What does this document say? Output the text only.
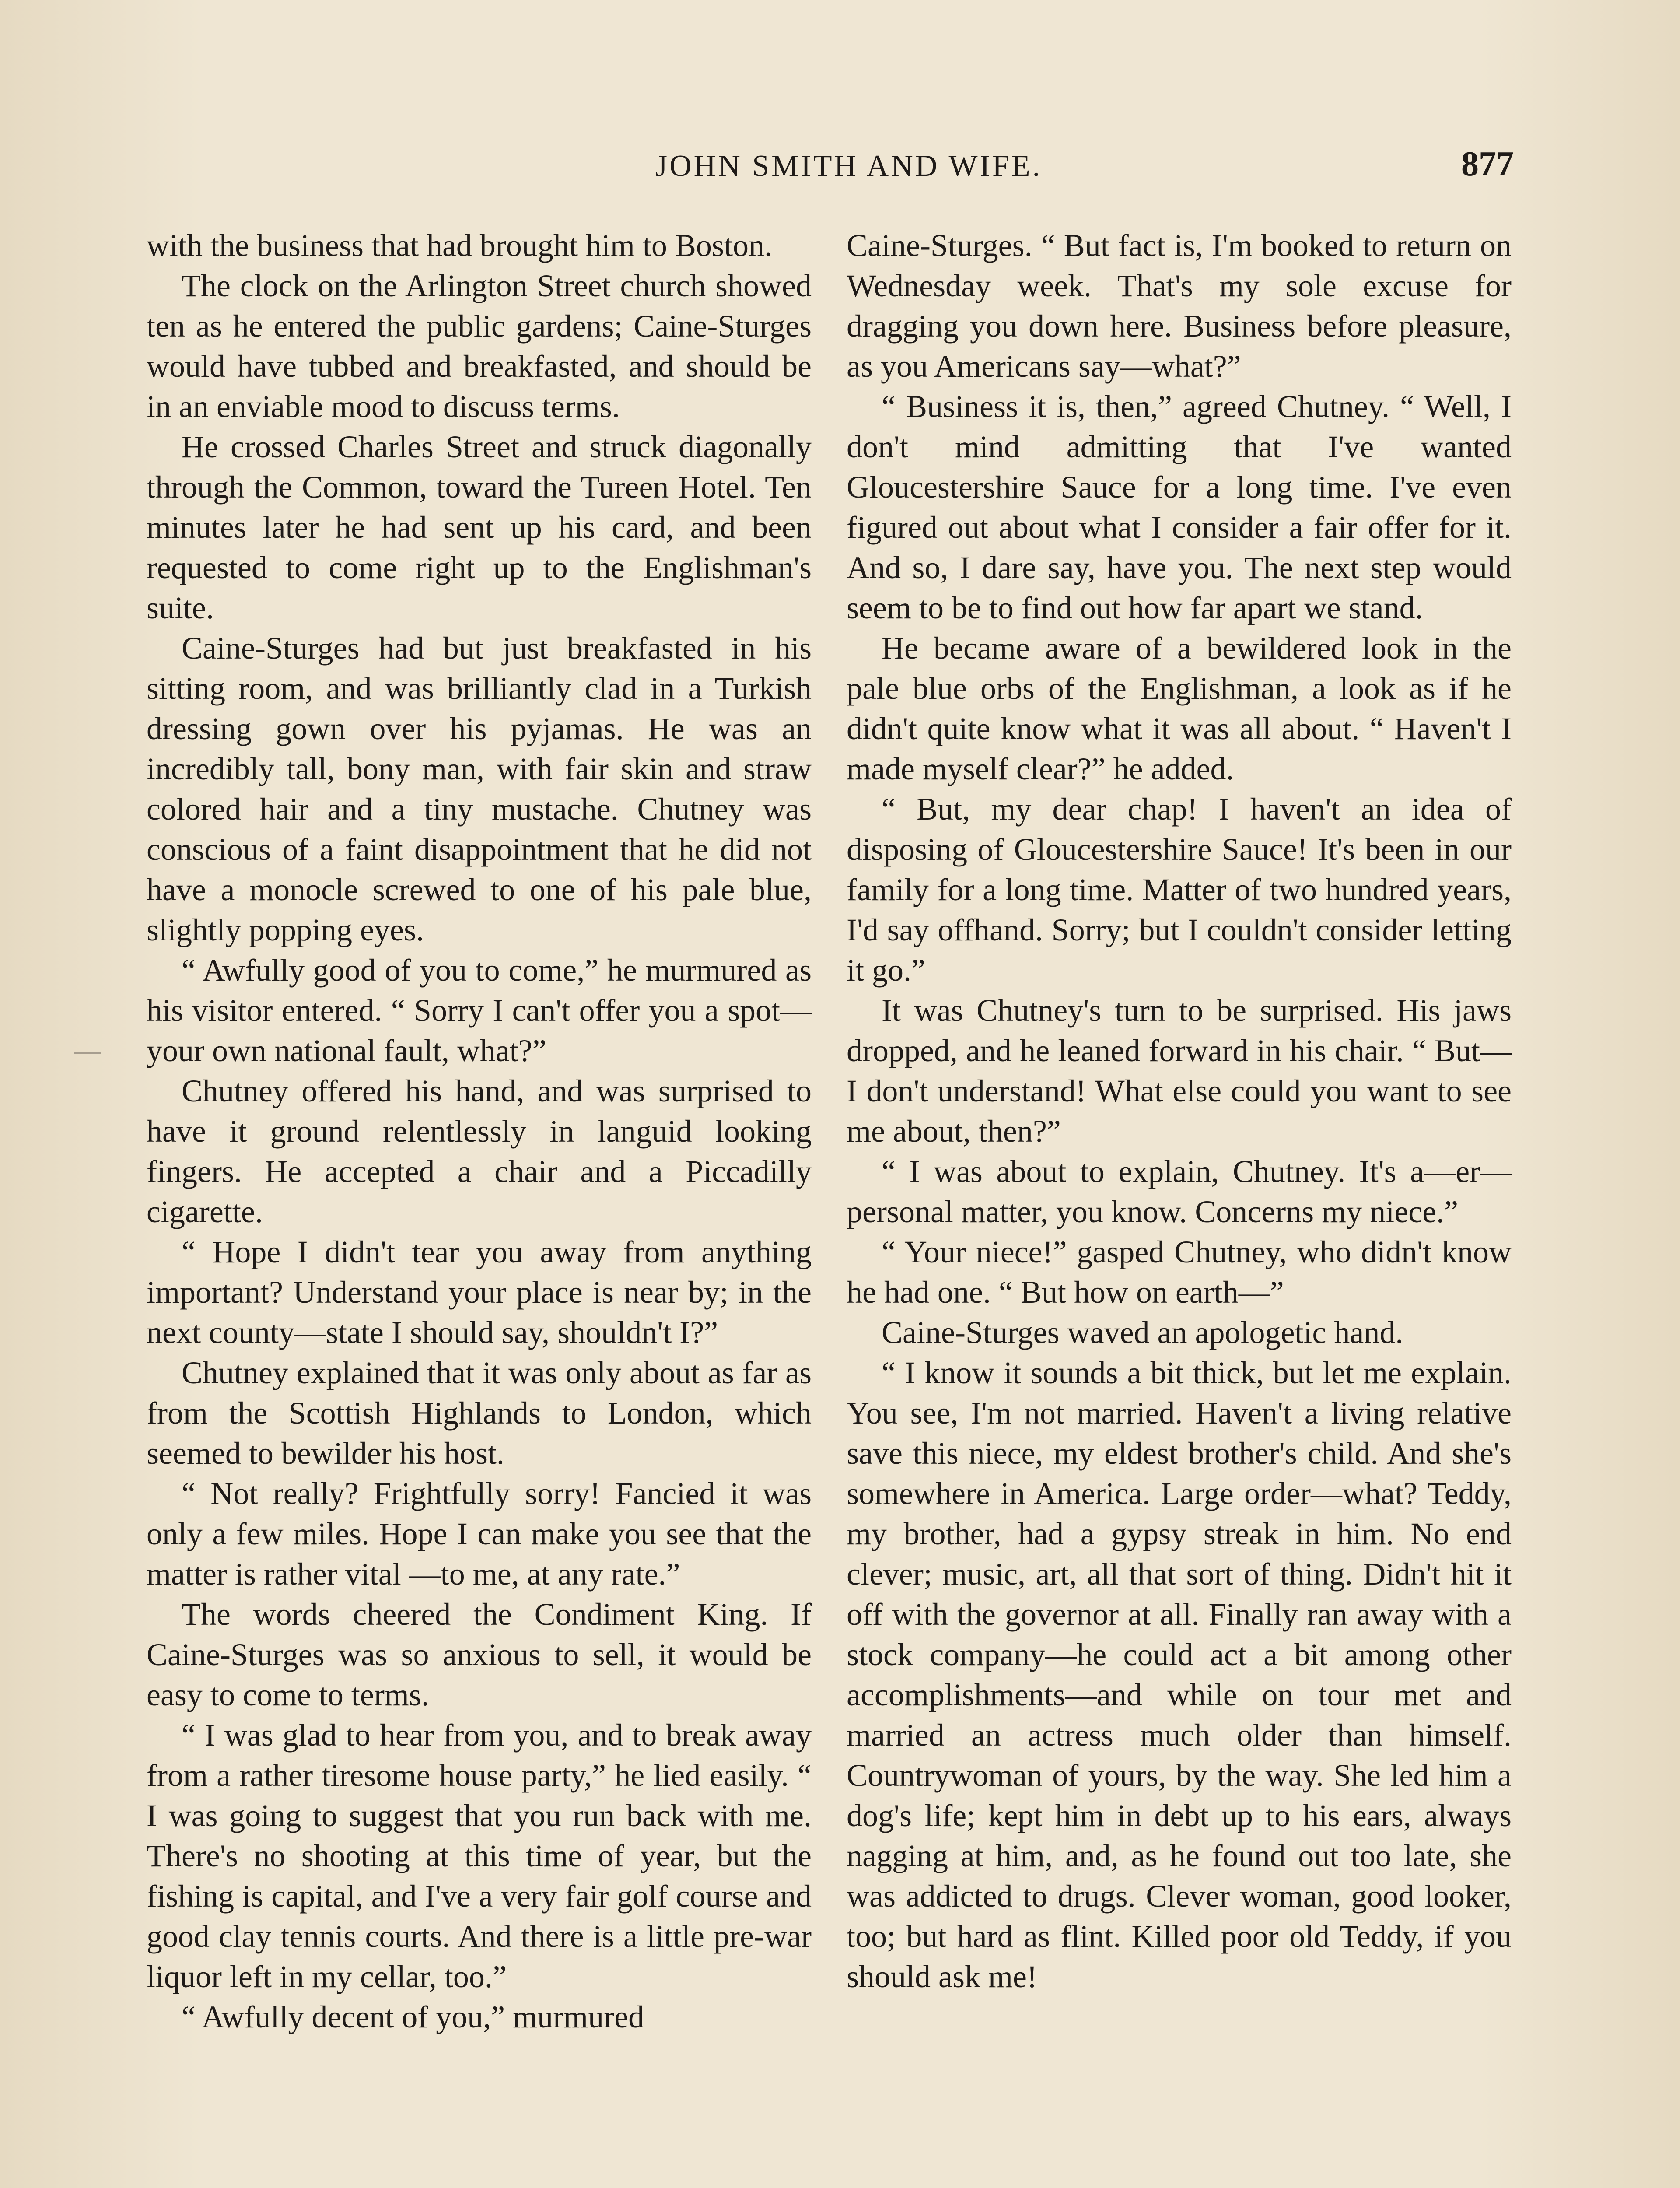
JOHN SMITH AND WIFE.	877

with the business that had brought him to Boston.

The clock on the Arlington Street church showed ten as he entered the public gardens; Caine-Sturges would have tubbed and breakfasted, and should be in an enviable mood to discuss terms.

He crossed Charles Street and struck diagonally through the Common, toward the Tureen Hotel. Ten minutes later he had sent up his card, and been requested to come right up to the Englishman's suite.

Caine-Sturges had but just breakfasted in his sitting room, and was brilliantly clad in a Turkish dressing gown over his pyjamas. He was an incredibly tall, bony man, with fair skin and straw colored hair and a tiny mustache. Chutney was conscious of a faint disappointment that he did not have a monocle screwed to one of his pale blue, slightly popping eyes.

“ Awfully good of you to come,” he murmured as his visitor entered. “ Sorry I can't offer you a spot—your own national fault, what?”

Chutney offered his hand, and was surprised to have it ground relentlessly in languid looking fingers. He accepted a chair and a Piccadilly cigarette.

“ Hope I didn't tear you away from anything important? Understand your place is near by; in the next county—state I should say, shouldn't I?”

Chutney explained that it was only about as far as from the Scottish Highlands to London, which seemed to bewilder his host.

“ Not really? Frightfully sorry! Fancied it was only a few miles. Hope I can make you see that the matter is rather vital —to me, at any rate.”

The words cheered the Condiment King. If Caine-Sturges was so anxious to sell, it would be easy to come to terms.

“ I was glad to hear from you, and to break away from a rather tiresome house party,” he lied easily. “ I was going to suggest that you run back with me. There's no shooting at this time of year, but the fishing is capital, and I've a very fair golf course and good clay tennis courts. And there is a little pre-war liquor left in my cellar, too.”

“ Awfully decent of you,” murmured

Caine-Sturges. “ But fact is, I'm booked to return on Wednesday week. That's my sole excuse for dragging you down here. Business before pleasure, as you Americans say—what?”

“ Business it is, then,” agreed Chutney. “ Well, I don't mind admitting that I've wanted Gloucestershire Sauce for a long time. I've even figured out about what I consider a fair offer for it. And so, I dare say, have you. The next step would seem to be to find out how far apart we stand.

He became aware of a bewildered look in the pale blue orbs of the Englishman, a look as if he didn't quite know what it was all about. “ Haven't I made myself clear?” he added.

“ But, my dear chap! I haven't an idea of disposing of Gloucestershire Sauce! It's been in our family for a long time. Matter of two hundred years, I'd say offhand. Sorry; but I couldn't consider letting it go.”

It was Chutney's turn to be surprised. His jaws dropped, and he leaned forward in his chair. “ But—I don't understand! What else could you want to see me about, then?”

“ I was about to explain, Chutney. It's a—er—personal matter, you know. Concerns my niece.”

“ Your niece!” gasped Chutney, who didn't know he had one. “ But how on earth—”

Caine-Sturges waved an apologetic hand.

“ I know it sounds a bit thick, but let me explain. You see, I'm not married. Haven't a living relative save this niece, my eldest brother's child. And she's somewhere in America. Large order—what? Teddy, my brother, had a gypsy streak in him. No end clever; music, art, all that sort of thing. Didn't hit it off with the governor at all. Finally ran away with a stock company—he could act a bit among other accomplishments—and while on tour met and married an actress much older than himself. Countrywoman of yours, by the way. She led him a dog's life; kept him in debt up to his ears, always nagging at him, and, as he found out too late, she was addicted to drugs. Clever woman, good looker, too; but hard as flint. Killed poor old Teddy, if you should ask me!
